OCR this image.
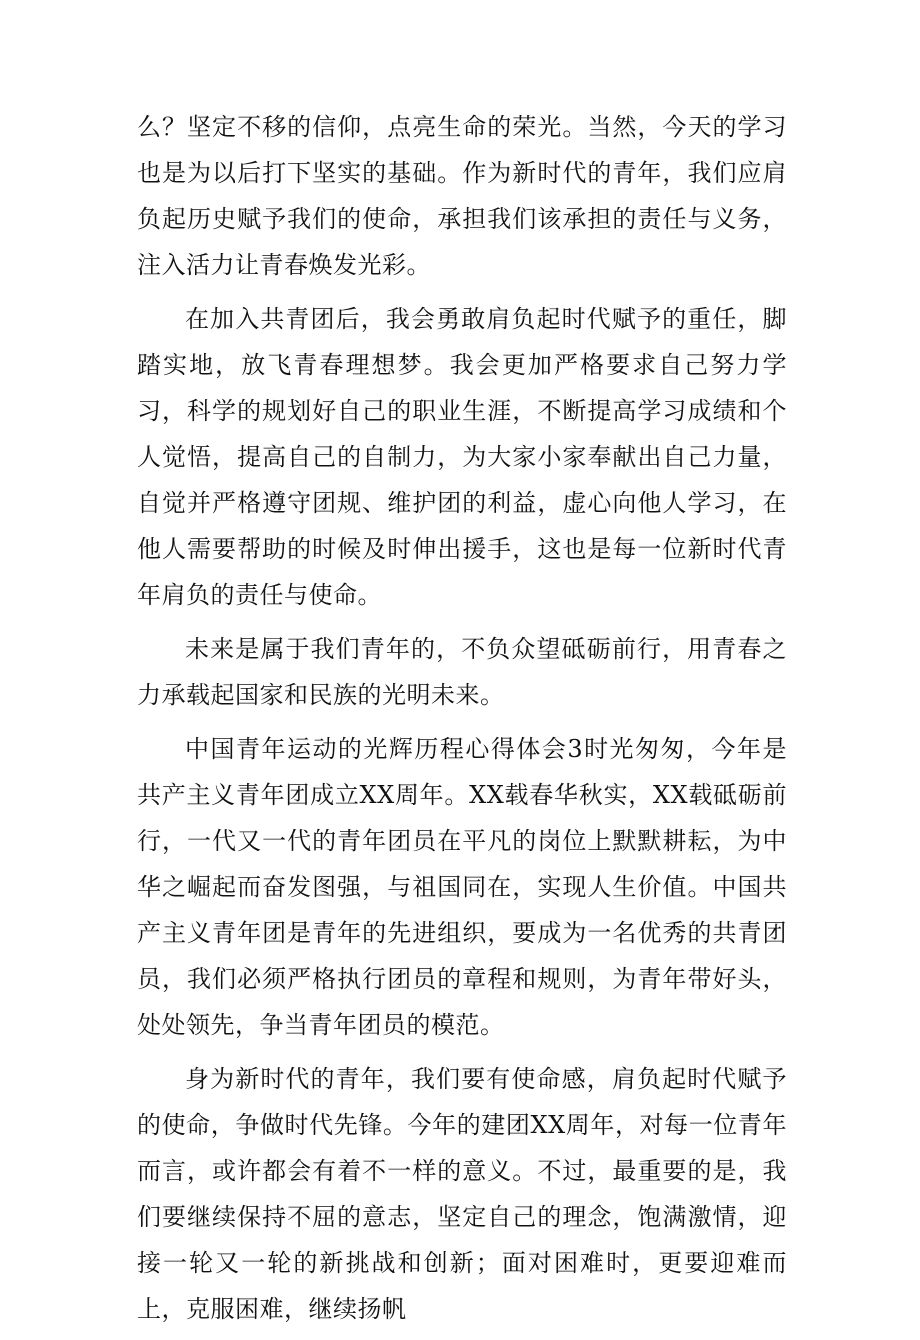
么？坚定不移的信仰，点亮生命的荣光。当然，今天的学习也是为以后打下坚实的基础。作为新时代的青年，我们应肩负起历史赋予我们的使命，承担我们该承担的责任与义务，注入活力让青春焕发光彩。

在加入共青团后，我会勇敢肩负起时代赋予的重任，脚踏实地，放飞青春理想梦。我会更加严格要求自己努力学习，科学的规划好自己的职业生涯，不断提高学习成绩和个人觉悟，提高自己的自制力，为大家小家奉献出自己力量，自觉并严格遵守团规、维护团的利益，虚心向他人学习，在他人需要帮助的时候及时伸出援手，这也是每一位新时代青年肩负的责任与使命。

未来是属于我们青年的，不负众望砥砺前行，用青春之力承载起国家和民族的光明未来。

中国青年运动的光辉历程心得体会3时光匆匆，今年是共产主义青年团成立XX周年。XX载春华秋实，XX载砥砺前行，一代又一代的青年团员在平凡的岗位上默默耕耘，为中华之崛起而奋发图强，与祖国同在，实现人生价值。中国共产主义青年团是青年的先进组织，要成为一名优秀的共青团员，我们必须严格执行团员的章程和规则，为青年带好头，处处领先，争当青年团员的模范。

身为新时代的青年，我们要有使命感，肩负起时代赋予的使命，争做时代先锋。今年的建团XX周年，对每一位青年而言，或许都会有着不一样的意义。不过，最重要的是，我们要继续保持不屈的意志，坚定自己的理念，饱满激情，迎接一轮又一轮的新挑战和创新；面对困难时，更要迎难而上，克服困难，继续扬帆
